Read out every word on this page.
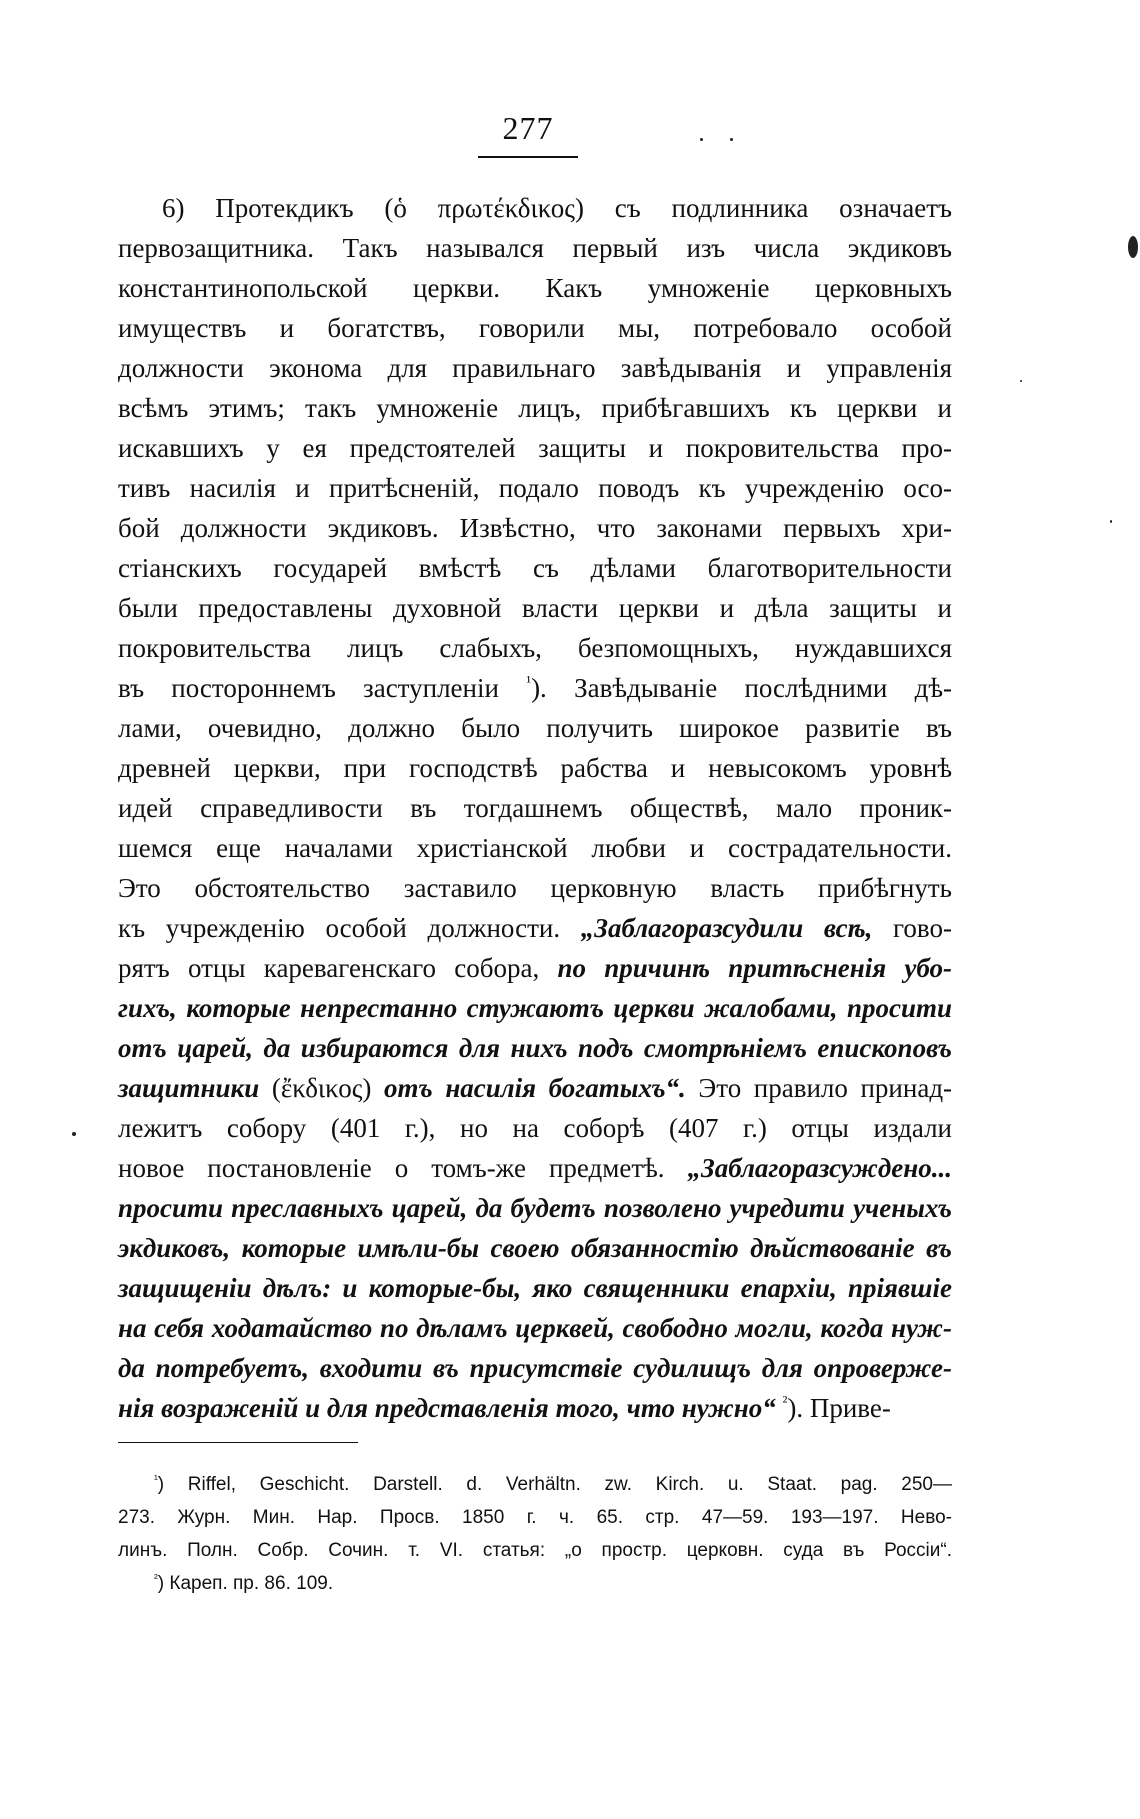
277
6) Протекдикъ (ὁ πρωτέκδικος) съ подлинника означаетъ
первозащитника. Такъ назывался первый изъ числа экдиковъ
константинопольской церкви. Какъ умноженіе церковныхъ
имуществъ и богатствъ, говорили мы, потребовало особой
должности эконома для правильнаго завѣдыванія и управленія
всѣмъ этимъ; такъ умноженіе лицъ, прибѣгавшихъ къ церкви и
искавшихъ у ея предстоятелей защиты и покровительства про-
тивъ насилія и притѣсненій, подало поводъ къ учрежденію осо-
бой должности экдиковъ. Извѣстно, что законами первыхъ хри-
стіанскихъ государей вмѣстѣ съ дѣлами благотворительности
были предоставлены духовной власти церкви и дѣла защиты и
покровительства лицъ слабыхъ, безпомощныхъ, нуждавшихся
въ постороннемъ заступленіи $^{^1}$). Завѣдываніе послѣдними дѣ-
лами, очевидно, должно было получить широкое развитіе въ
древней церкви, при господствѣ рабства и невысокомъ уровнѣ
идей справедливости въ тогдашнемъ обществѣ, мало проник-
шемся еще началами христіанской любви и сострадательности.
Это обстоятельство заставило церковную власть прибѣгнуть
къ учрежденію особой должности. „Заблагоразсудили всѣ, гово-
рятъ отцы каревагенскаго собора, по причинѣ притѣсненія убо-
гихъ, которые непрестанно стужаютъ церкви жалобами, просити
отъ царей, да избираются для нихъ подъ смотрѣніемъ епископовъ
защитники (ἔκδικος) отъ насилія богатыхъ“. Это правило принад-
лежитъ собору (401 г.), но на соборѣ (407 г.) отцы издали
новое постановленіе о томъ-же предметѣ. „Заблагоразсуждено...
просити преславныхъ царей, да будетъ позволено учредити ученыхъ
экдиковъ, которые имѣли-бы своею обязанностію дѣйствованіе въ
защищеніи дѣлъ: и которые-бы, яко священники епархіи, пріявшіе
на себя ходатайство по дѣламъ церквей, свободно могли, когда нуж-
да потребуетъ, входити въ присутствіе судилищъ для опроверже-
нія возраженій и для представленія того, что нужно“ $^{^2}$). Приве-
$^{^1}$) Riffel, Geschicht. Darstell. d. Verhältn. zw. Kirch. u. Staat. pag. 250—
273. Журн. Мин. Нар. Просв. 1850 г. ч. 65. стр. 47—59. 193—197. Нево-
линъ. Полн. Собр. Сочин. т. VI. статья: „о простр. церковн. суда въ Россіи“.
$^{^2}$) Кареп. пр. 86. 109.
